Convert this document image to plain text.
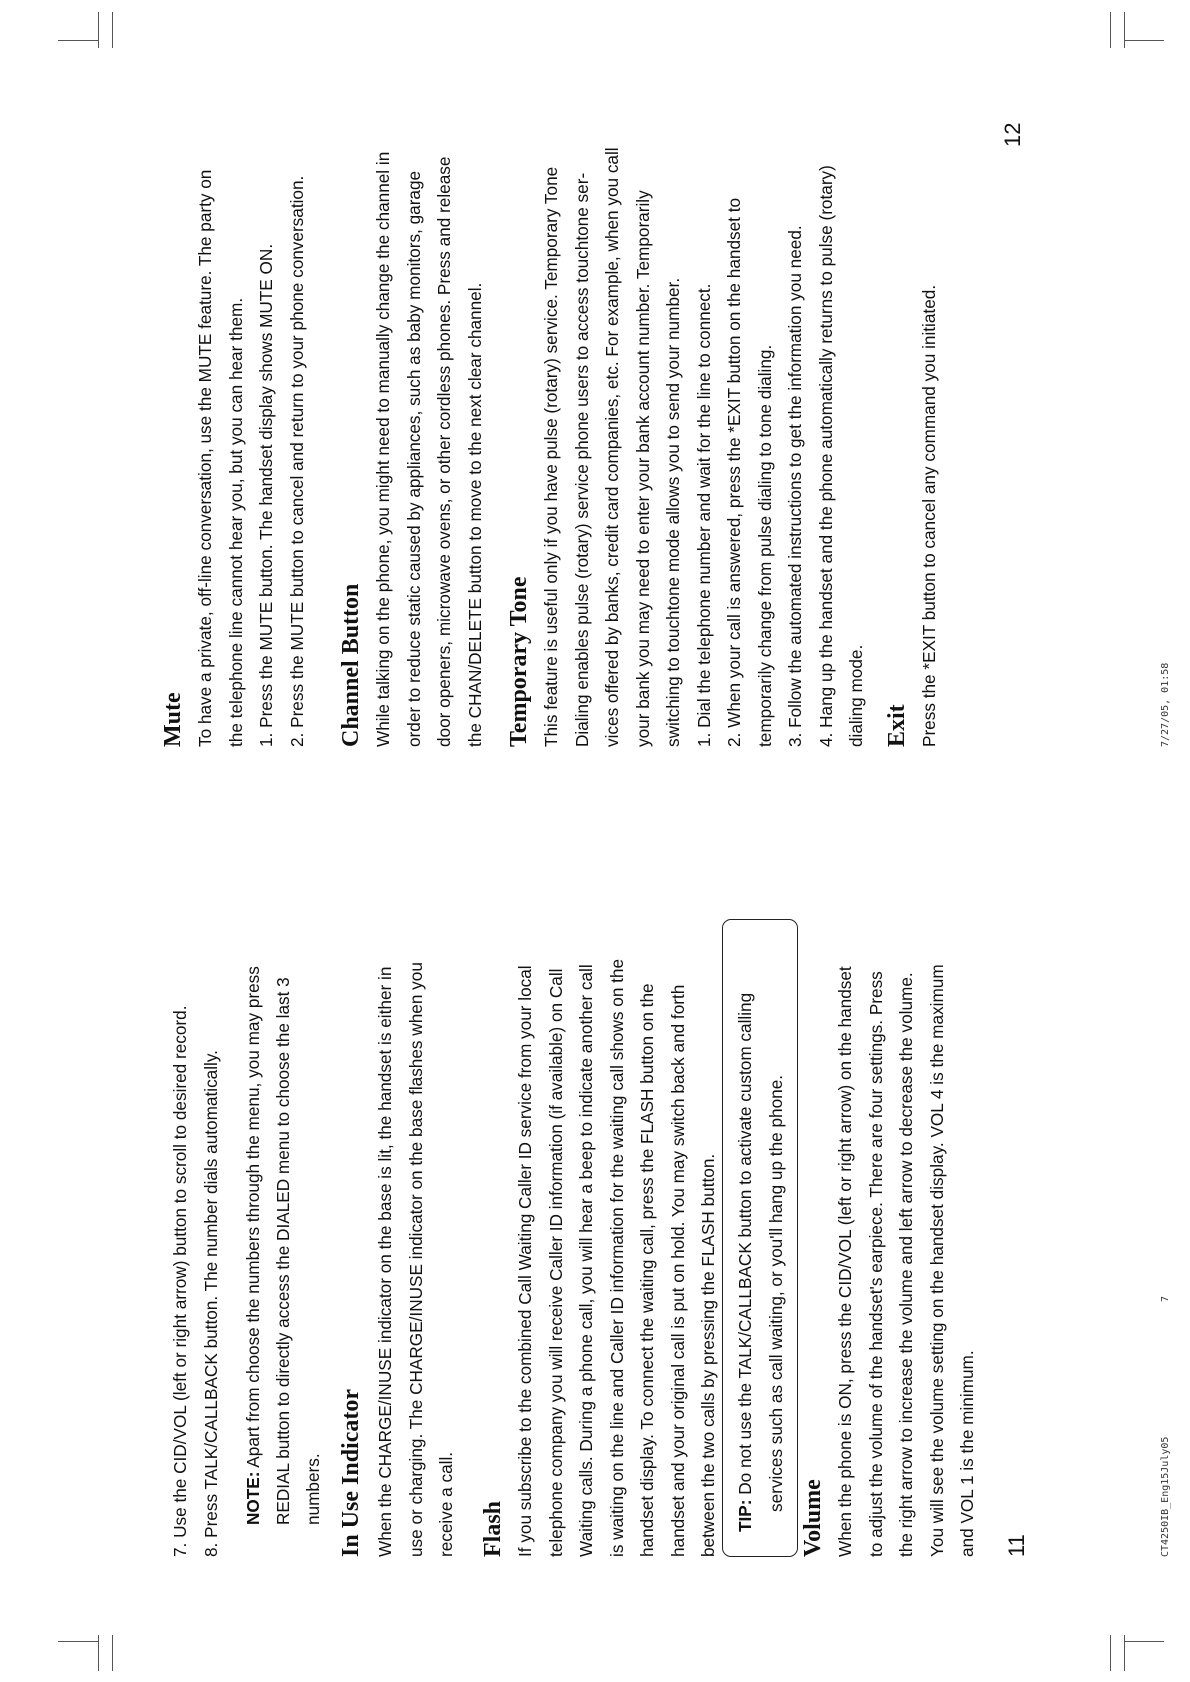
7. Use the CID/VOL (left or right arrow) button to scroll to desired record. 8. Press TALK/CALLBACK button. The number dials automatically.	NOTE: Apart from choose the numbers through the menu, you may press REDIAL button to directly access the DIALED menu to choose the last 3 numbers. In Use Indicator When the CHARGE/INUSE indicator on the base is lit, the handset is either in use or charging. The CHARGE/INUSE indicator on the base flashes when you receive a call. Flash If you subscribe to the combined Call Waiting Caller ID service from your local telephone company you will receive Caller ID information (if available) on Call Waiting calls. During a phone call, you will hear a beep to indicate another call is waiting on the line and Caller ID information for the waiting call shows on the handset display. To connect the waiting call, press the FLASH button on the handset and your original call is put on hold. You may switch back and forth between the two calls by pressing the FLASH button. TIP: Do not use the TALK/CALLBACK button to activate custom calling services such as call waiting, or you'll hang up the phone.
Volume When the phone is ON, press the CID/VOL (left or right arrow) on the handset to adjust the volume of the handset's earpiece. There are four settings. Press the right arrow to increase the volume and left arrow to decrease the volume. You will see the volume setting on the handset display. VOL 4 is the maximum and VOL 1 is the minimum. 11
Mute To have a private, off-line conversation, use the MUTE feature. The party on the telephone line cannot hear you, but you can hear them. 1. Press the MUTE button. The handset display shows MUTE ON. 2. Press the MUTE button to cancel and return to your phone conversation. Channel Button While talking on the phone, you might need to manually change the channel in order to reduce static caused by appliances, such as baby monitors, garage door openers, microwave ovens, or other cordless phones. Press and release the CHAN/DELETE button to move to the next clear channel. Temporary Tone This feature is useful only if you have pulse (rotary) service. Temporary Tone Dialing enables pulse (rotary) service phone users to access touchtone ser- vices offered by banks, credit card companies, etc. For example, when you call your bank you may need to enter your bank account number. Temporarily switching to touchtone mode allows you to send your number. 1. Dial the telephone number and wait for the line to connect. 2. When your call is answered, press the *EXIT button on the handset to temporarily change from pulse dialing to tone dialing. 3. Follow the automated instructions to get the information you need. 4. Hang up the handset and the phone automatically returns to pulse (rotary) dialing mode. Exit Press the *EXIT button to cancel any command you initiated.
12
CT4250IB_Eng15July05
7
7/27/05, 01:58
